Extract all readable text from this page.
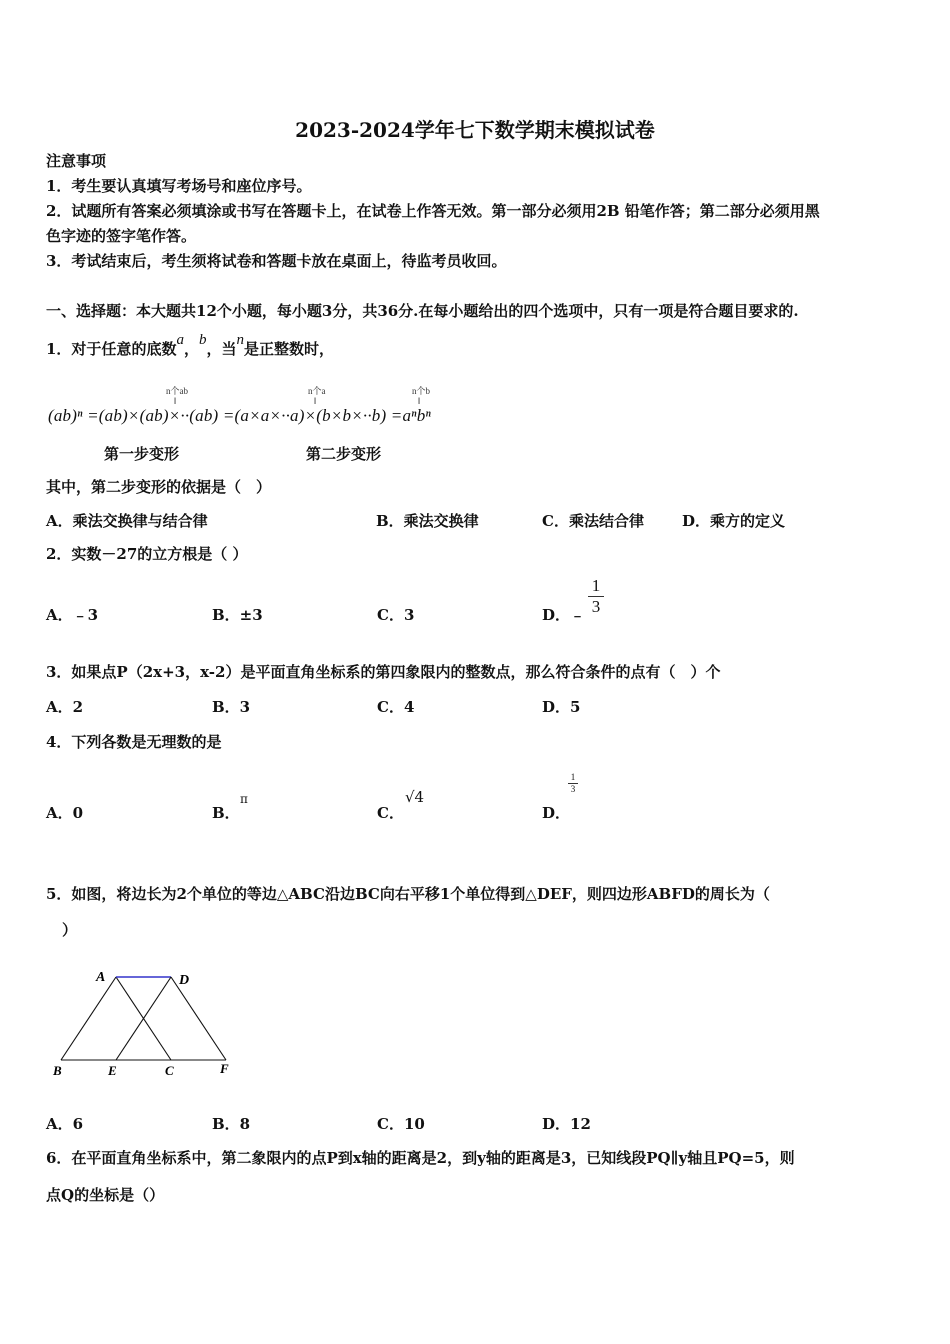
2023-2024学年七下数学期末模拟试卷
注意事项
1．考生要认真填写考场号和座位序号。
2．试题所有答案必须填涂或书写在答题卡上，在试卷上作答无效。第一部分必须用2B 铅笔作答；第二部分必须用黑
色字迹的签字笔作答。
3．考试结束后，考生须将试卷和答题卡放在桌面上，待监考员收回。
一、选择题：本大题共12个小题，每小题3分，共36分.在每小题给出的四个选项中，只有一项是符合题目要求的.
1．对于任意的底数a，b，当n是正整数时，
n个ab
‖
n个a
‖
n个b
‖
(ab)ⁿ =(ab)×(ab)×··(ab) =(a×a×··a)×(b×b×··b) =aⁿbⁿ
第一步变形	第二步变形
其中，第二步变形的依据是（　）
A．乘法交换律与结合律	B．乘法交换律	C．乘法结合律	D．乘方的定义
2．实数－27的立方根是（ ）
A．﹣3	B．±3	C．3	D．﹣ $\frac{1}{3}$
3．如果点P（2x+3，x-2）是平面直角坐标系的第四象限内的整数点，那么符合条件的点有（　）个
A．2	B．3	C．4	D．5
4．下列各数是无理数的是
A．0	B．
π
C．
√4
D．
$\frac{1}{3}$
5．如图，将边长为2个单位的等边△ABC沿边BC向右平移1个单位得到△DEF，则四边形ABFD的周长为（
）
A	D
B	E	C	F
A．6	B．8	C．10	D．12
6．在平面直角坐标系中，第二象限内的点P到x轴的距离是2，到y轴的距离是3，已知线段PQ∥y轴且PQ=5，则
点Q的坐标是（）
